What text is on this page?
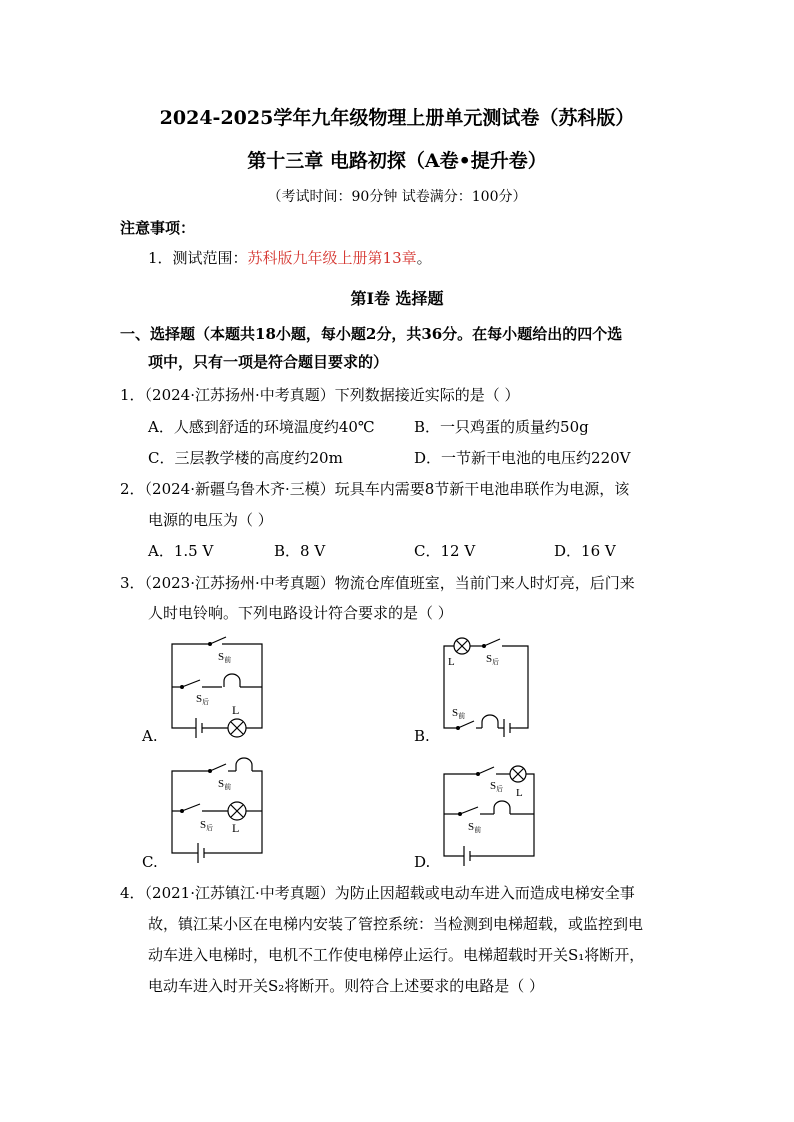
2024-2025学年九年级物理上册单元测试卷（苏科版）
第十三章 电路初探（A卷•提升卷）
（考试时间：90分钟 试卷满分：100分）
注意事项：
1．测试范围：苏科版九年级上册第13章。
第Ⅰ卷 选择题
一、选择题（本题共18小题，每小题2分，共36分。在每小题给出的四个选
项中，只有一项是符合题目要求的）
1．（2024·江苏扬州·中考真题）下列数据接近实际的是（ ）
A．人感到舒适的环境温度约40℃	B．一只鸡蛋的质量约50g
C．三层教学楼的高度约20m	D．一节新干电池的电压约220V
2．（2024·新疆乌鲁木齐·三模）玩具车内需要8节新干电池串联作为电源，该
电源的电压为（ ）
A．1.5 V	B．8 V	C．12 V	D．16 V
3．（2023·江苏扬州·中考真题）物流仓库值班室，当前门来人时灯亮，后门来
人时电铃响。下列电路设计符合要求的是（ ）
A.	B.
C.	D.
S前
S后
L
L	S后
S前
S前
S后 L
S后 L
S前
4．（2021·江苏镇江·中考真题）为防止因超载或电动车进入而造成电梯安全事
故，镇江某小区在电梯内安装了管控系统：当检测到电梯超载，或监控到电
动车进入电梯时，电机不工作使电梯停止运行。电梯超载时开关S₁将断开，
电动车进入时开关S₂将断开。则符合上述要求的电路是（ ）
